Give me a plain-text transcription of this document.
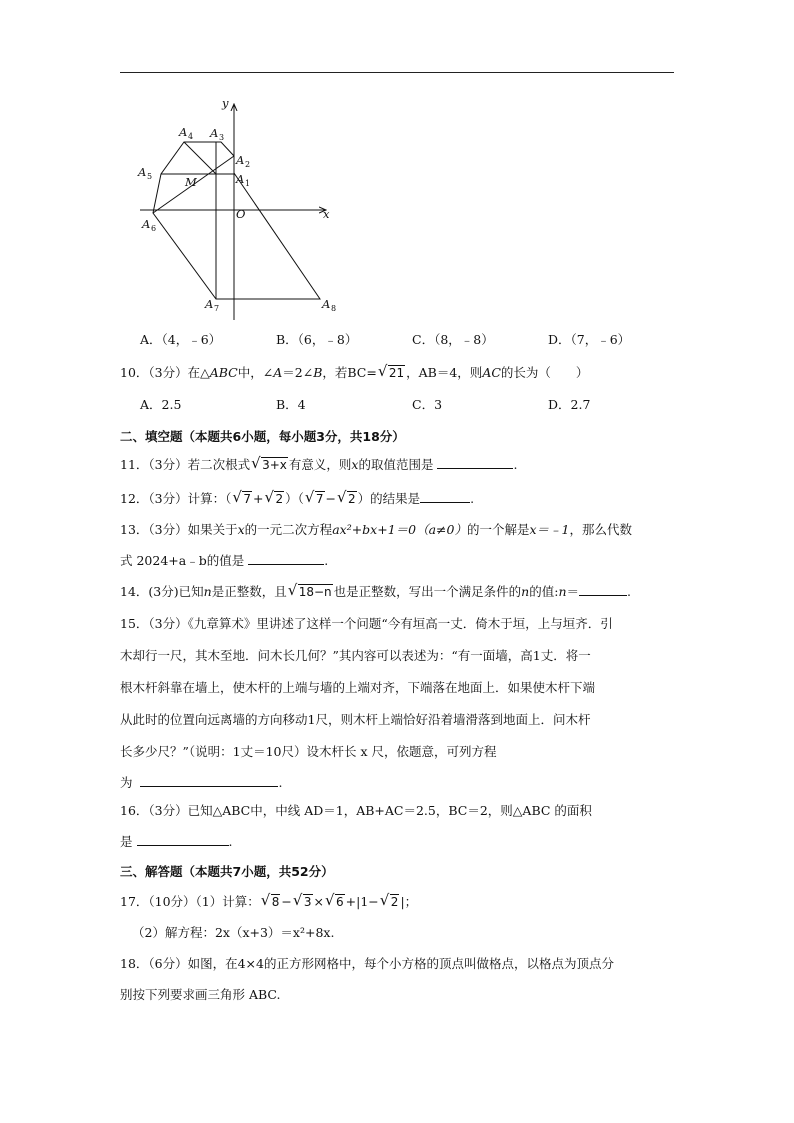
y
x
O
M	A 1
A 2
A 3
A 4
A 5
A 6
A 7	A 8
A．（4，﹣6）	B．（6，﹣8）	C．（8，﹣8）	D．（7，﹣6）
10．（3分）在△ABC中，∠A＝2∠B，若BC= √ 21 ，AB＝4，则AC的长为（　　）
A．2.5	B．4	C．3	D．2.7
二、填空题（本题共6小题，每小题3分，共18分）
11．（3分）若二次根式 √ 3+x 有意义，则x的取值范围是	.
12．（3分）计算：（ √ 7 + √ 2 ）（ √ 7 − √ 2 ）的结果是	.
13．（3分）如果关于x的一元二次方程ax²+bx+1＝0（a≠0）的一个解是x＝﹣1，那么代数
式 2024+a﹣b的值是	.
14．(3分)已知n是正整数，且 √ 18−n 也是正整数，写出一个满足条件的n的值:n＝	.
15．（3分）《九章算术》里讲述了这样一个问题“今有垣高一丈．倚木于垣，上与垣齐．引
木却行一尺，其木至地．问木长几何？”其内容可以表述为：“有一面墙，高1丈．将一
根木杆斜靠在墙上，使木杆的上端与墙的上端对齐，下端落在地面上．如果使木杆下端
从此时的位置向远离墙的方向移动1尺，则木杆上端恰好沿着墙滑落到地面上．问木杆
长多少尺？”（说明：1丈＝10尺）设木杆长 x 尺，依题意，可列方程
为	.
16．（3分）已知△ABC中，中线 AD＝1，AB+AC＝2.5，BC＝2，则△ABC 的面积
是	.
三、解答题（本题共7小题，共52分）
17．（10分）（1）计算： √ 8 − √ 3 × √ 6 +|1− √ 2 |；
（2）解方程：2x（x+3）＝x²+8x.
18．（6分）如图，在4×4的正方形网格中，每个小方格的顶点叫做格点，以格点为顶点分
别按下列要求画三角形 ABC.
